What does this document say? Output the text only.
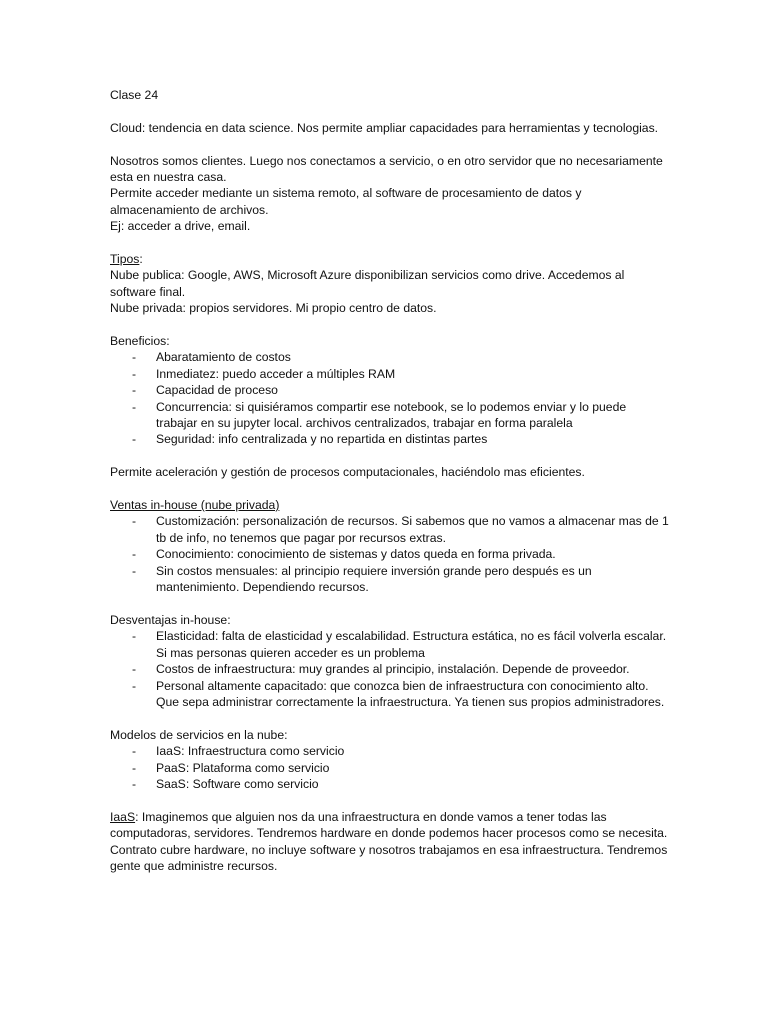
Clase 24

Cloud: tendencia en data science. Nos permite ampliar capacidades para herramientas y tecnologias.

Nosotros somos clientes. Luego nos conectamos a servicio, o en otro servidor que no necesariamente esta en nuestra casa.

Permite acceder mediante un sistema remoto, al software de procesamiento de datos y almacenamiento de archivos.

Ej: acceder a drive, email.

Tipos:

Nube publica: Google, AWS, Microsoft Azure disponibilizan servicios como drive. Accedemos al software final.

Nube privada: propios servidores. Mi propio centro de datos.

Beneficios:

- Abaratamiento de costos
- Inmediatez: puedo acceder a múltiples RAM
- Capacidad de proceso
- Concurrencia: si quisiéramos compartir ese notebook, se lo podemos enviar y lo puede trabajar en su jupyter local. archivos centralizados, trabajar en forma paralela
- Seguridad: info centralizada y no repartida en distintas partes

Permite aceleración y gestión de procesos computacionales, haciéndolo mas eficientes.

Ventas in-house (nube privada)

- Customización: personalización de recursos. Si sabemos que no vamos a almacenar mas de 1 tb de info, no tenemos que pagar por recursos extras.
- Conocimiento: conocimiento de sistemas y datos queda en forma privada.
- Sin costos mensuales: al principio requiere inversión grande pero después es un mantenimiento. Dependiendo recursos.

Desventajas in-house:

- Elasticidad: falta de elasticidad y escalabilidad. Estructura estática, no es fácil volverla escalar. Si mas personas quieren acceder es un problema
- Costos de infraestructura: muy grandes al principio, instalación. Depende de proveedor.
- Personal altamente capacitado: que conozca bien de infraestructura con conocimiento alto. Que sepa administrar correctamente la infraestructura. Ya tienen sus propios administradores.

Modelos de servicios en la nube:

- IaaS: Infraestructura como servicio
- PaaS: Plataforma como servicio
- SaaS: Software como servicio

IaaS: Imaginemos que alguien nos da una infraestructura en donde vamos a tener todas las computadoras, servidores. Tendremos hardware en donde podemos hacer procesos como se necesita. Contrato cubre hardware, no incluye software y nosotros trabajamos en esa infraestructura. Tendremos gente que administre recursos.
